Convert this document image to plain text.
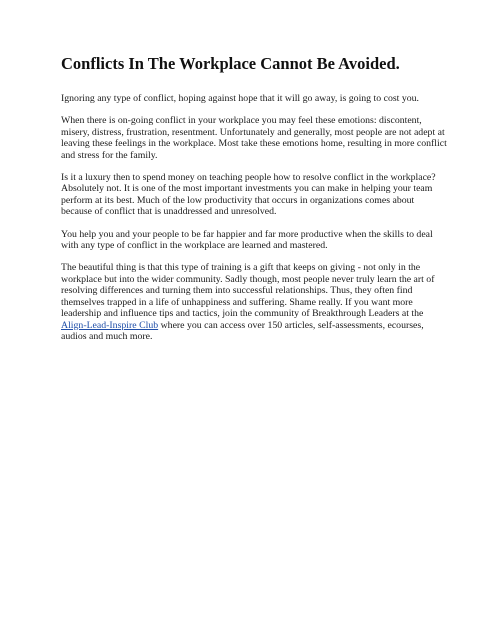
Conflicts In The Workplace Cannot Be Avoided.

Ignoring any type of conflict, hoping against hope that it will go away, is going to cost you.

When there is on-going conflict in your workplace you may feel these emotions: discontent, misery, distress, frustration, resentment. Unfortunately and generally, most people are not adept at leaving these feelings in the workplace. Most take these emotions home, resulting in more conflict and stress for the family.

Is it a luxury then to spend money on teaching people how to resolve conflict in the workplace? Absolutely not. It is one of the most important investments you can make in helping your team perform at its best. Much of the low productivity that occurs in organizations comes about because of conflict that is unaddressed and unresolved.

You help you and your people to be far happier and far more productive when the skills to deal with any type of conflict in the workplace are learned and mastered.

The beautiful thing is that this type of training is a gift that keeps on giving - not only in the workplace but into the wider community. Sadly though, most people never truly learn the art of resolving differences and turning them into successful relationships. Thus, they often find themselves trapped in a life of unhappiness and suffering. Shame really. If you want more leadership and influence tips and tactics, join the community of Breakthrough Leaders at the Align-Lead-Inspire Club where you can access over 150 articles, self-assessments, ecourses, audios and much more.
